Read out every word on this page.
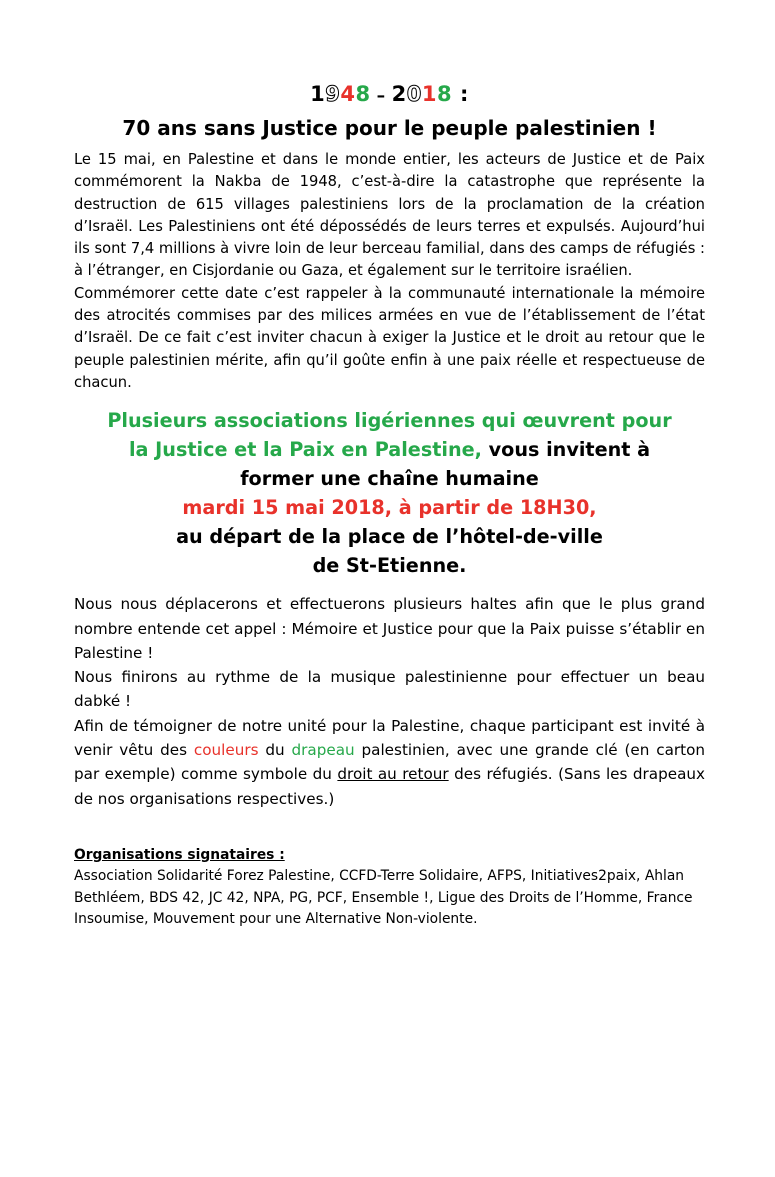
1948 – 2018 :
70 ans sans Justice pour le peuple palestinien !
Le 15 mai, en Palestine et dans le monde entier, les acteurs de Justice et de Paix commémorent la Nakba de 1948, c’est-à-dire la catastrophe que représente la destruction de 615 villages palestiniens lors de la proclamation de la création d’Israël. Les Palestiniens ont été dépossédés de leurs terres et expulsés. Aujourd’hui ils sont 7,4 millions à vivre loin de leur berceau familial, dans des camps de réfugiés : à l’étranger, en Cisjordanie ou Gaza, et également sur le territoire israélien.
Commémorer cette date c’est rappeler à la communauté internationale la mémoire des atrocités commises par des milices armées en vue de l’établissement de l’état d’Israël. De ce fait c’est inviter chacun à exiger la Justice et le droit au retour que le peuple palestinien mérite, afin qu’il goûte enfin à une paix réelle et respectueuse de chacun.
Plusieurs associations ligériennes qui œuvrent pour
la Justice et la Paix en Palestine, vous invitent à
former une chaîne humaine
mardi 15 mai 2018, à partir de 18H30,
au départ de la place de l’hôtel-de-ville
de St-Etienne.
Nous nous déplacerons et effectuerons plusieurs haltes afin que le plus grand nombre entende cet appel : Mémoire et Justice pour que la Paix puisse s’établir en Palestine !
Nous finirons au rythme de la musique palestinienne pour effectuer un beau dabké !
Afin de témoigner de notre unité pour la Palestine, chaque participant est invité à venir vêtu des couleurs du drapeau palestinien, avec une grande clé (en carton par exemple) comme symbole du droit au retour des réfugiés. (Sans les drapeaux de nos organisations respectives.)
Organisations signataires :
Association Solidarité Forez Palestine, CCFD-Terre Solidaire, AFPS, Initiatives2paix, Ahlan Bethléem, BDS 42, JC 42, NPA, PG, PCF, Ensemble !, Ligue des Droits de l’Homme, France Insoumise, Mouvement pour une Alternative Non-violente.
